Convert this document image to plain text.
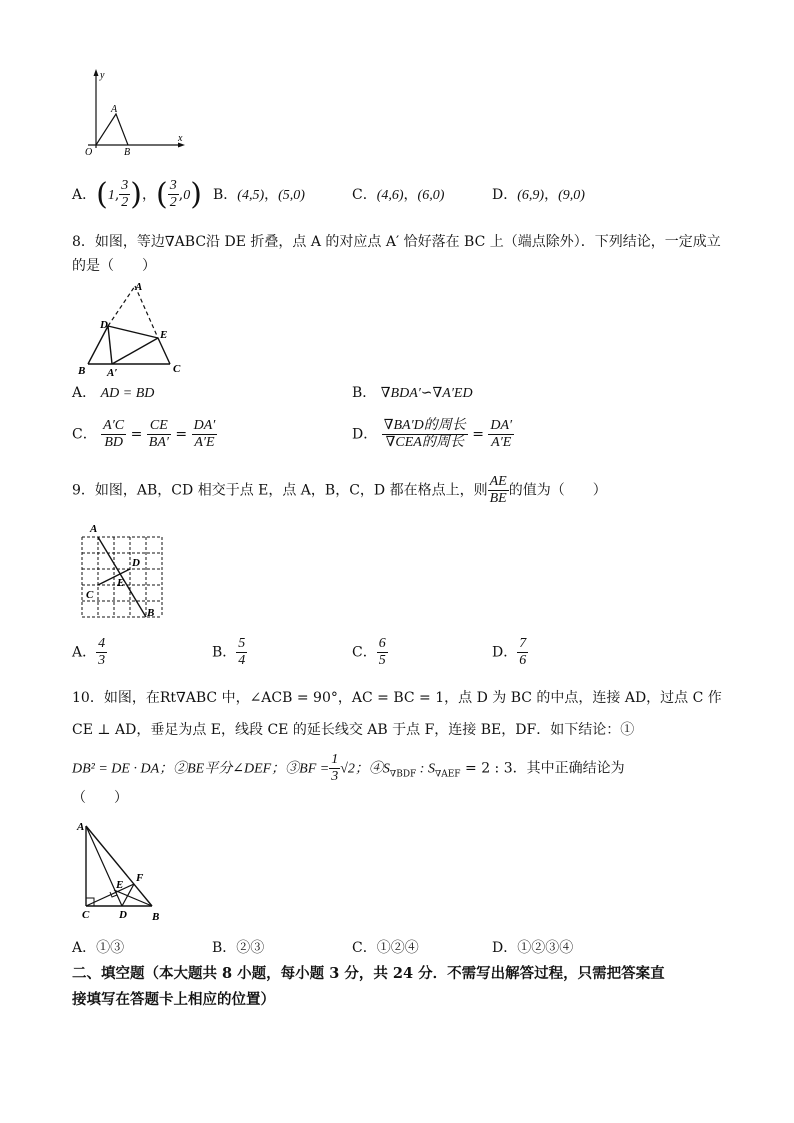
y
x
A
O	B
A．(1, $\frac{3}{2}$ )，( $\frac{3}{2} ,0$) B．(4,5)，(5,0)	C．(4,6)，(6,0)	D．(6,9)，(9,0)
8．如图，等边∇ABC沿 DE 折叠，点 A 的对应点 A′ 恰好落在 BC 上（端点除外）．下列结论，一定成立
的是（　　）
A
D
E
B A′	C
A． AD = BD	B． ∇BDA′∽∇A′ED
C． $\frac{A'C}{BD} = \frac{CE}{BA'} = \frac{DA'}{A'E}$	D． $\frac{\text{∇BA′D的周长}}{\text{∇CEA的周长}} = \frac{DA'}{A'E}$
9．如图，AB，CD 相交于点 E，点 A，B，C，D 都在格点上，则 $\frac{AE}{BE}$ 的值为（　　）
A
D
E
C
B
A． $\frac{4}{3}$	B． $\frac{5}{4}$	C． $\frac{6}{5}$	D． $\frac{7}{6}$
10．如图，在Rt∇ABC 中，∠ACB = 90°，AC = BC = 1，点 D 为 BC 的中点，连接 AD，过点 C 作
CE ⊥ AD，垂足为点 E，线段 CE 的延长线交 AB 于点 F，连接 BE，DF．如下结论：①
DB² = DE · DA；②BE平分∠DEF；③BF = $\frac{1}{3} √2$；$④S_{\nabla BDF}$ : $S_{\nabla AEF} = 2$ : 3．其中正确结论为
（　　）
A
F
E
C	D B
A．①③	B．②③	C．①②④	D．①②③④
二、填空题（本大题共 8 小题，每小题 3 分，共 24 分．不需写出解答过程，只需把答案直
接填写在答题卡上相应的位置）
